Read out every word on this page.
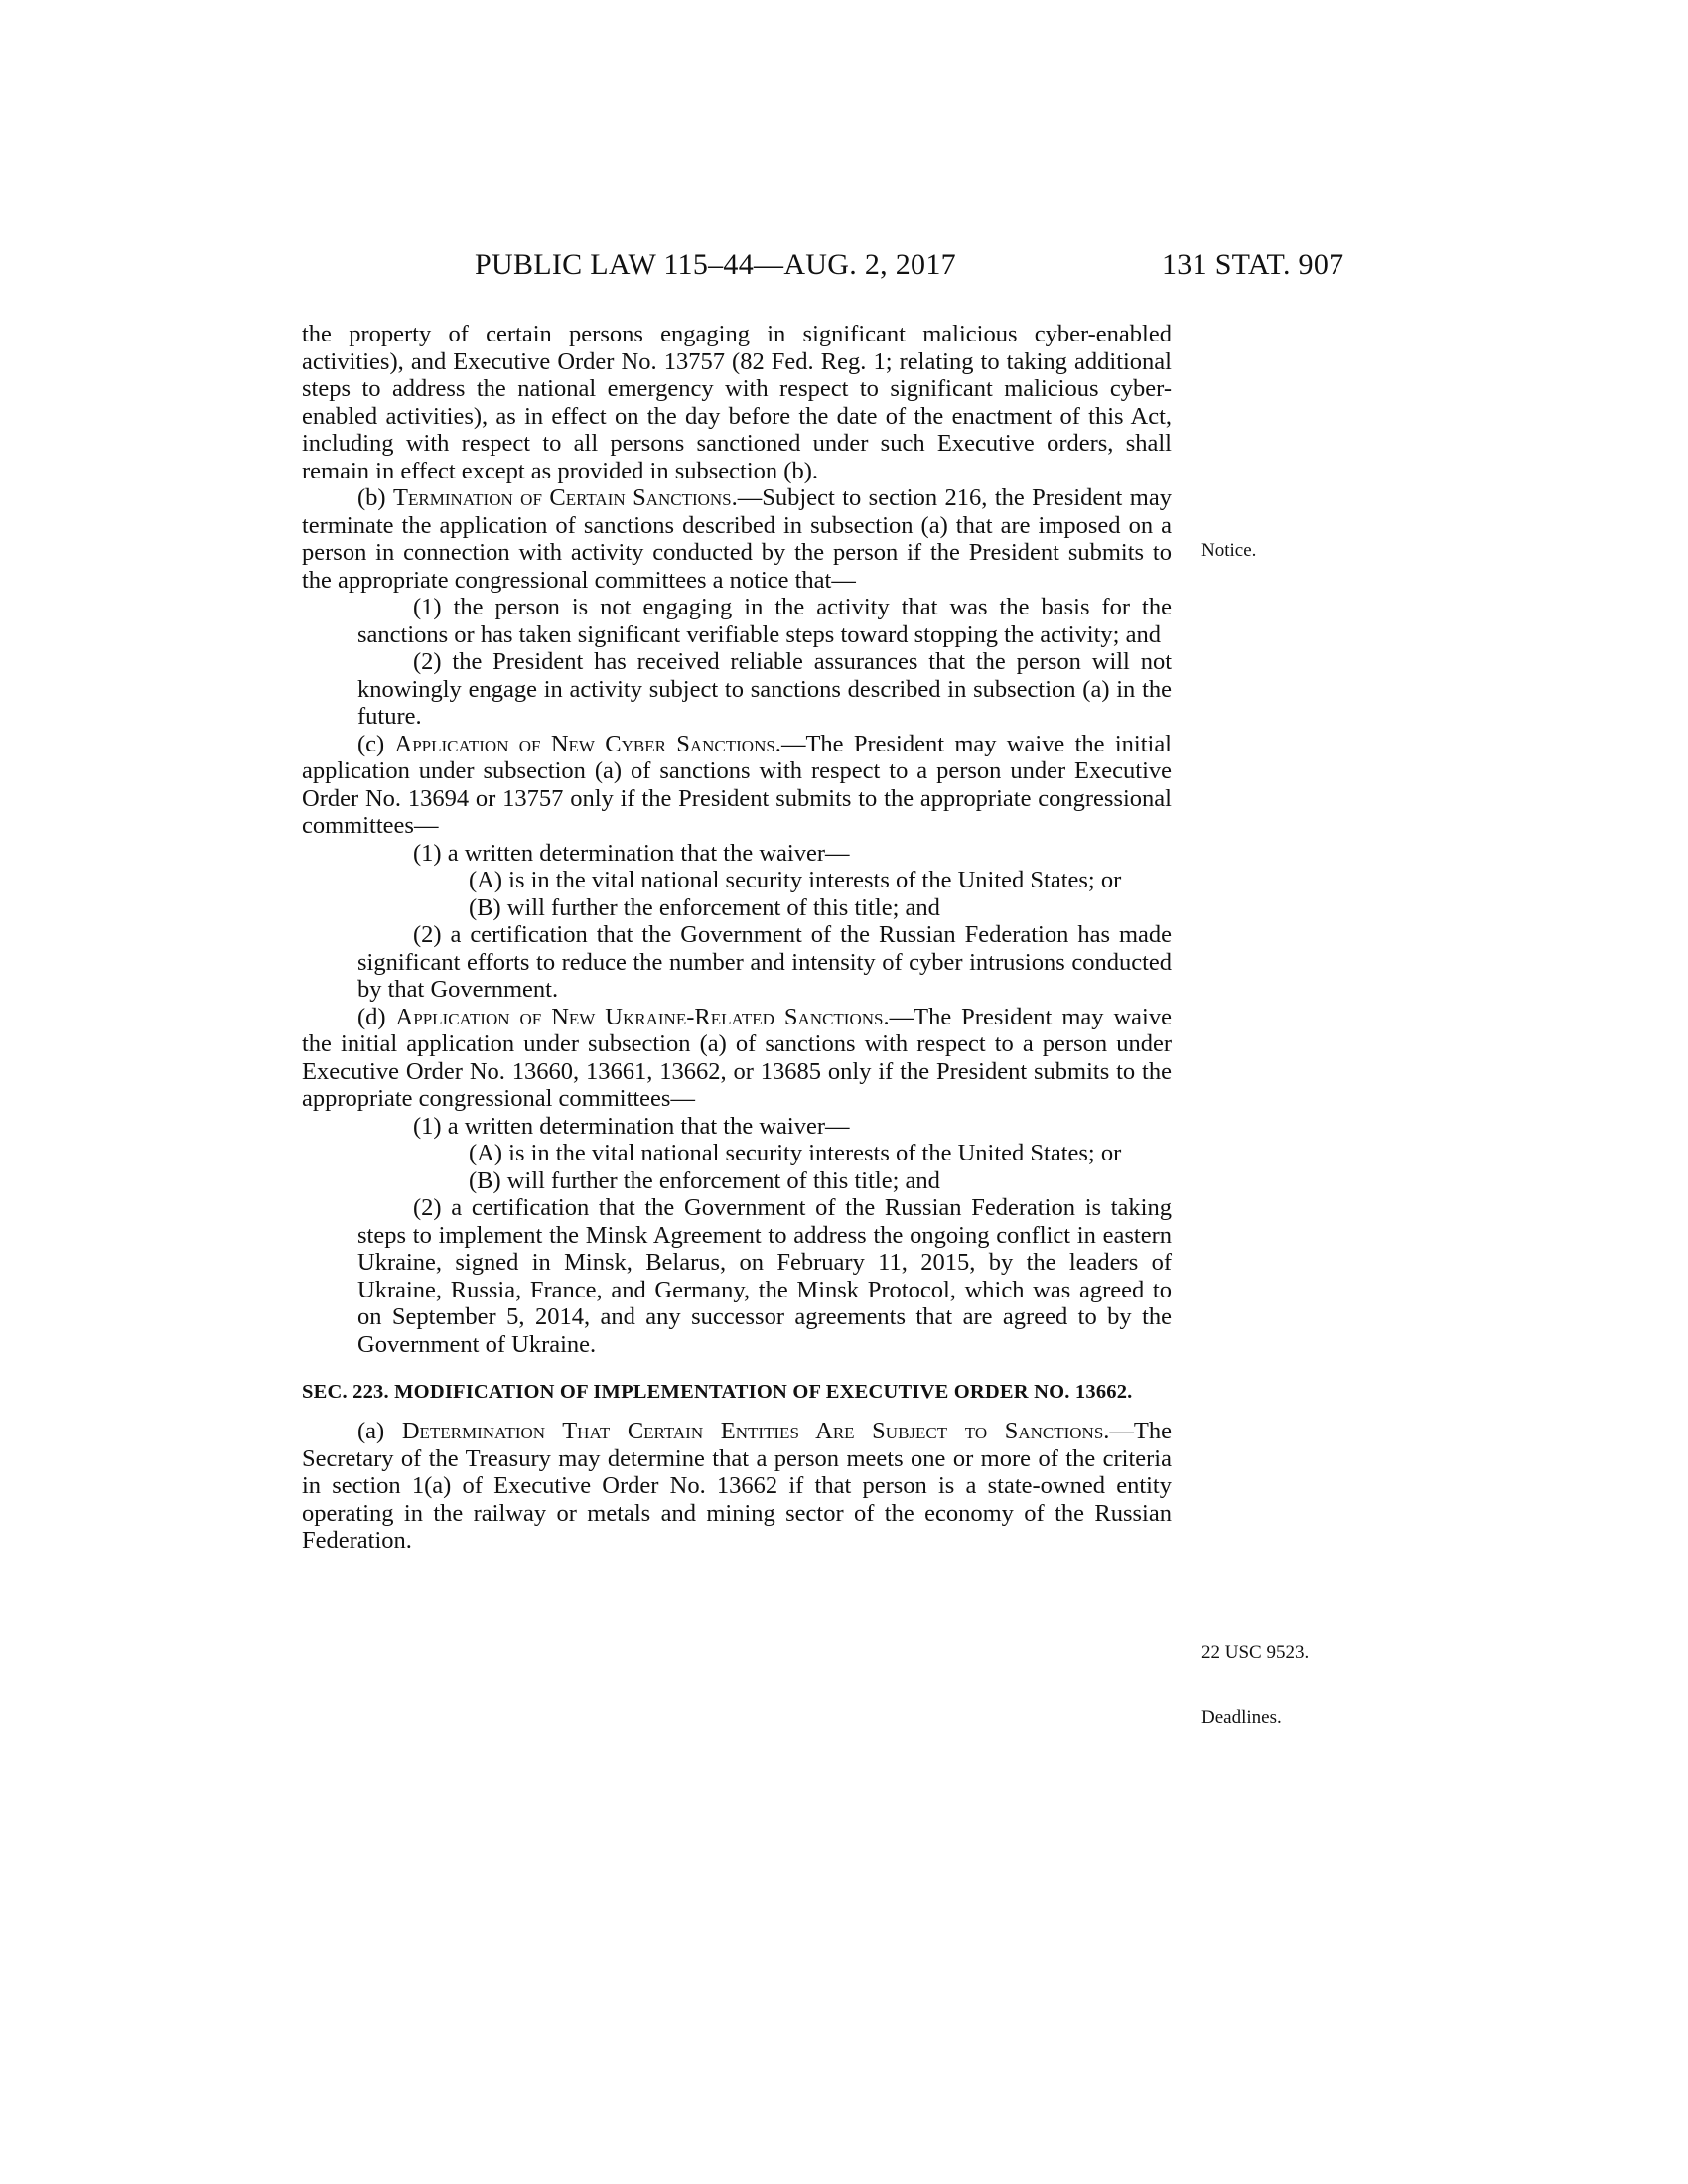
PUBLIC LAW 115–44—AUG. 2, 2017	131 STAT. 907

the property of certain persons engaging in significant malicious cyber-enabled activities), and Executive Order No. 13757 (82 Fed. Reg. 1; relating to taking additional steps to address the national emergency with respect to significant malicious cyber-enabled activities), as in effect on the day before the date of the enactment of this Act, including with respect to all persons sanctioned under such Executive orders, shall remain in effect except as provided in subsection (b).

(b) Termination of Certain Sanctions.—Subject to section 216, the President may terminate the application of sanctions described in subsection (a) that are imposed on a person in connection with activity conducted by the person if the President submits to the appropriate congressional committees a notice that—

(1) the person is not engaging in the activity that was the basis for the sanctions or has taken significant verifiable steps toward stopping the activity; and

(2) the President has received reliable assurances that the person will not knowingly engage in activity subject to sanctions described in subsection (a) in the future.

(c) Application of New Cyber Sanctions.—The President may waive the initial application under subsection (a) of sanctions with respect to a person under Executive Order No. 13694 or 13757 only if the President submits to the appropriate congressional committees—

(1) a written determination that the waiver—

(A) is in the vital national security interests of the United States; or

(B) will further the enforcement of this title; and

(2) a certification that the Government of the Russian Federation has made significant efforts to reduce the number and intensity of cyber intrusions conducted by that Government.

(d) Application of New Ukraine-Related Sanctions.—The President may waive the initial application under subsection (a) of sanctions with respect to a person under Executive Order No. 13660, 13661, 13662, or 13685 only if the President submits to the appropriate congressional committees—

(1) a written determination that the waiver—

(A) is in the vital national security interests of the United States; or

(B) will further the enforcement of this title; and

(2) a certification that the Government of the Russian Federation is taking steps to implement the Minsk Agreement to address the ongoing conflict in eastern Ukraine, signed in Minsk, Belarus, on February 11, 2015, by the leaders of Ukraine, Russia, France, and Germany, the Minsk Protocol, which was agreed to on September 5, 2014, and any successor agreements that are agreed to by the Government of Ukraine.

SEC. 223. MODIFICATION OF IMPLEMENTATION OF EXECUTIVE ORDER NO. 13662.

(a) Determination That Certain Entities Are Subject to Sanctions.—The Secretary of the Treasury may determine that a person meets one or more of the criteria in section 1(a) of Executive Order No. 13662 if that person is a state-owned entity operating in the railway or metals and mining sector of the economy of the Russian Federation.

Notice.
22 USC 9523.
Deadlines.
